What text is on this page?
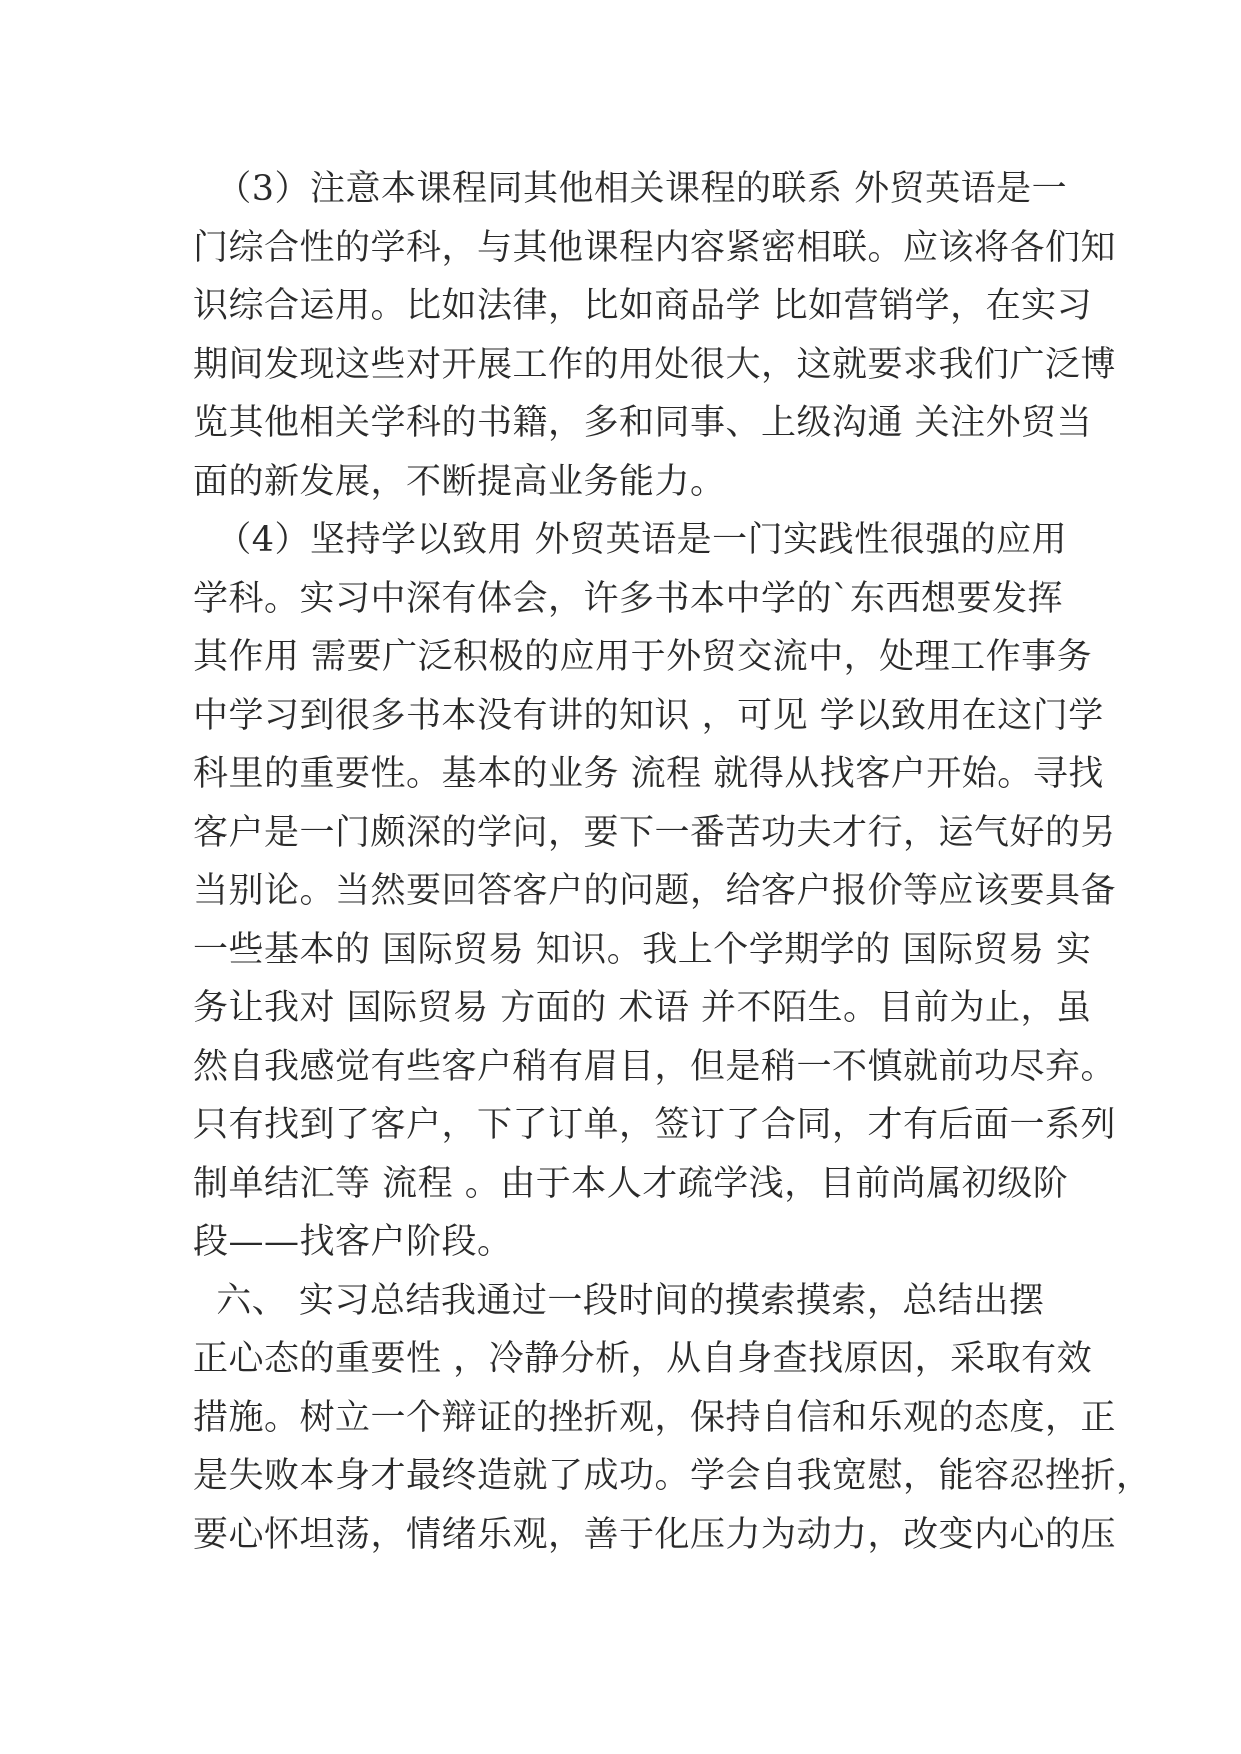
（3）注意本课程同其他相关课程的联系 外贸英语是一
门综合性的学科，与其他课程内容紧密相联。应该将各们知
识综合运用。比如法律，比如商品学 比如营销学，在实习
期间发现这些对开展工作的用处很大，这就要求我们广泛博
览其他相关学科的书籍，多和同事、上级沟通 关注外贸当
面的新发展，不断提高业务能力。
（4）坚持学以致用 外贸英语是一门实践性很强的应用
学科。实习中深有体会，许多书本中学的`东西想要发挥
其作用 需要广泛积极的应用于外贸交流中，处理工作事务
中学习到很多书本没有讲的知识 ，可见 学以致用在这门学
科里的重要性。基本的业务 流程 就得从找客户开始。寻找
客户是一门颇深的学问，要下一番苦功夫才行，运气好的另
当别论。当然要回答客户的问题，给客户报价等应该要具备
一些基本的 国际贸易 知识。我上个学期学的 国际贸易 实
务让我对 国际贸易 方面的 术语 并不陌生。目前为止，虽
然自我感觉有些客户稍有眉目，但是稍一不慎就前功尽弃。
只有找到了客户，下了订单，签订了合同，才有后面一系列
制单结汇等 流程 。由于本人才疏学浅，目前尚属初级阶
段——找客户阶段。
六、 实习总结我通过一段时间的摸索摸索，总结出摆
正心态的重要性 ，冷静分析，从自身查找原因，采取有效
措施。树立一个辩证的挫折观，保持自信和乐观的态度，正
是失败本身才最终造就了成功。学会自我宽慰，能容忍挫折，
要心怀坦荡，情绪乐观，善于化压力为动力，改变内心的压
